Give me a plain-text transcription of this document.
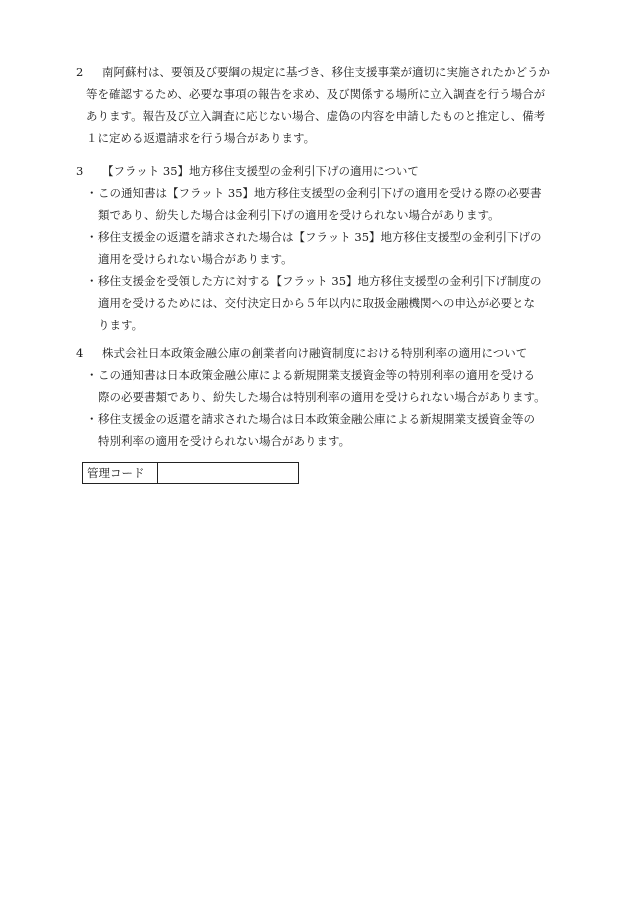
2	南阿蘇村は、要領及び要綱の規定に基づき、移住支援事業が適切に実施されたかどうか
等を確認するため、必要な事項の報告を求め、及び関係する場所に立入調査を行う場合が
あります。報告及び立入調査に応じない場合、虚偽の内容を申請したものと推定し、備考
１に定める返還請求を行う場合があります。
3	【フラット 35】地方移住支援型の金利引下げの適用について
・ この通知書は【フラット 35】地方移住支援型の金利引下げの適用を受ける際の必要書
類であり、紛失した場合は金利引下げの適用を受けられない場合があります。
・ 移住支援金の返還を請求された場合は【フラット 35】地方移住支援型の金利引下げの
適用を受けられない場合があります。
・ 移住支援金を受領した方に対する【フラット 35】地方移住支援型の金利引下げ制度の
適用を受けるためには、交付決定日から５年以内に取扱金融機関への申込が必要とな
ります。
4	株式会社日本政策金融公庫の創業者向け融資制度における特別利率の適用について
・ この通知書は日本政策金融公庫による新規開業支援資金等の特別利率の適用を受ける
際の必要書類であり、紛失した場合は特別利率の適用を受けられない場合があります。
・ 移住支援金の返還を請求された場合は日本政策金融公庫による新規開業支援資金等の
特別利率の適用を受けられない場合があります。
管理コード	
